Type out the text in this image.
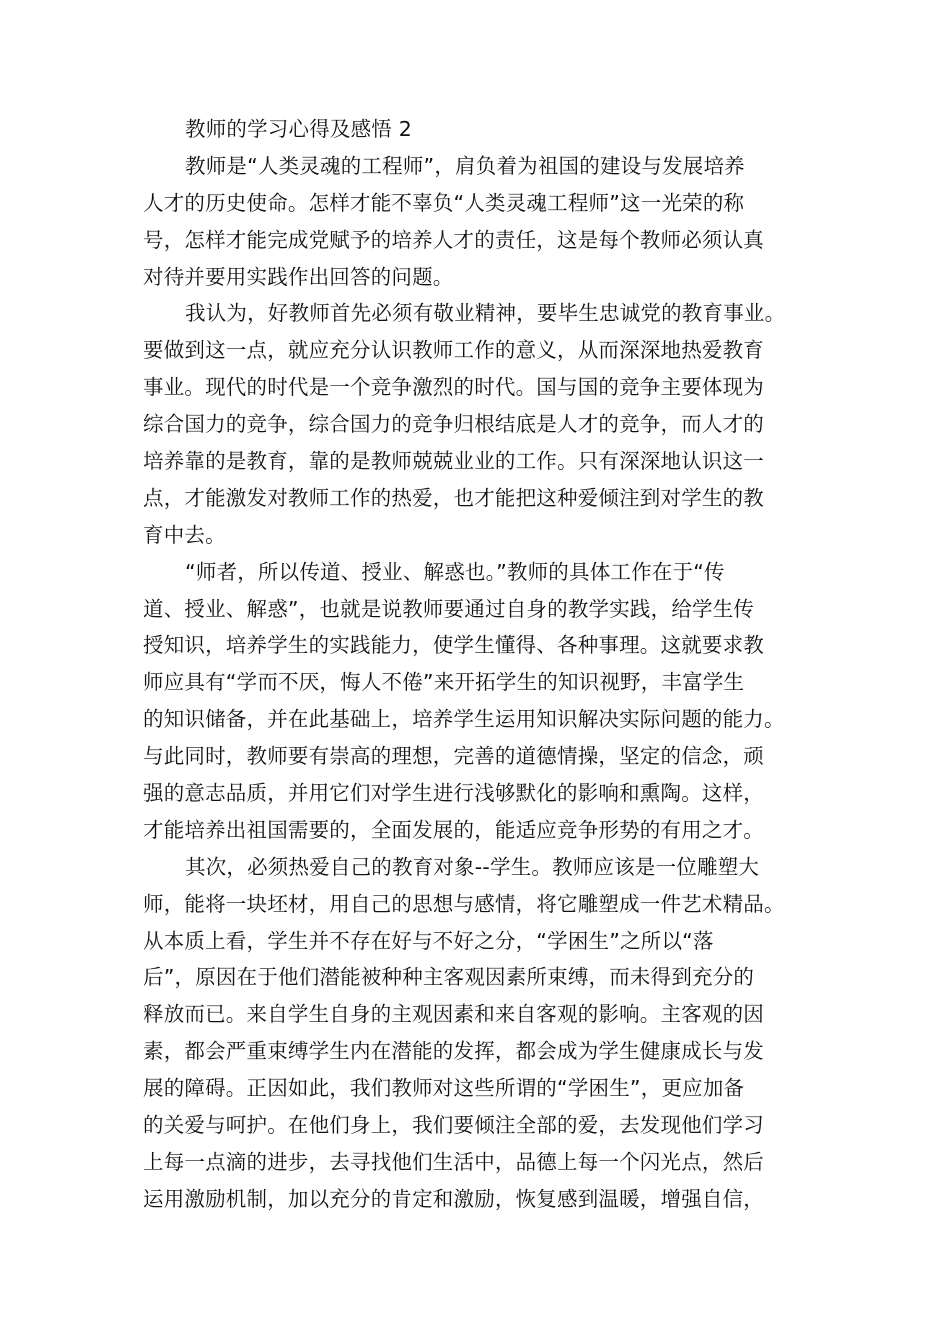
教师的学习心得及感悟 2
教师是“人类灵魂的工程师”，肩负着为祖国的建设与发展培养
人才的历史使命。怎样才能不辜负“人类灵魂工程师”这一光荣的称
号，怎样才能完成党赋予的培养人才的责任，这是每个教师必须认真
对待并要用实践作出回答的问题。
我认为，好教师首先必须有敬业精神，要毕生忠诚党的教育事业。
要做到这一点，就应充分认识教师工作的意义，从而深深地热爱教育
事业。现代的时代是一个竞争激烈的时代。国与国的竞争主要体现为
综合国力的竞争，综合国力的竞争归根结底是人才的竞争，而人才的
培养靠的是教育，靠的是教师兢兢业业的工作。只有深深地认识这一
点，才能激发对教师工作的热爱，也才能把这种爱倾注到对学生的教
育中去。
“师者，所以传道、授业、解惑也。”教师的具体工作在于“传
道、授业、解惑”，也就是说教师要通过自身的教学实践，给学生传
授知识，培养学生的实践能力，使学生懂得、各种事理。这就要求教
师应具有“学而不厌，悔人不倦”来开拓学生的知识视野，丰富学生
的知识储备，并在此基础上，培养学生运用知识解决实际问题的能力。
与此同时，教师要有崇高的理想，完善的道德情操，坚定的信念，顽
强的意志品质，并用它们对学生进行浅够默化的影响和熏陶。这样，
才能培养出祖国需要的，全面发展的，能适应竞争形势的有用之才。
其次，必须热爱自己的教育对象--学生。教师应该是一位雕塑大
师，能将一块坯材，用自己的思想与感情，将它雕塑成一件艺术精品。
从本质上看，学生并不存在好与不好之分，“学困生”之所以“落
后”，原因在于他们潜能被种种主客观因素所束缚，而未得到充分的
释放而已。来自学生自身的主观因素和来自客观的影响。主客观的因
素，都会严重束缚学生内在潜能的发挥，都会成为学生健康成长与发
展的障碍。正因如此，我们教师对这些所谓的“学困生”，更应加备
的关爱与呵护。在他们身上，我们要倾注全部的爱，去发现他们学习
上每一点滴的进步，去寻找他们生活中，品德上每一个闪光点，然后
运用激励机制，加以充分的肯定和激励，恢复感到温暖，增强自信，
